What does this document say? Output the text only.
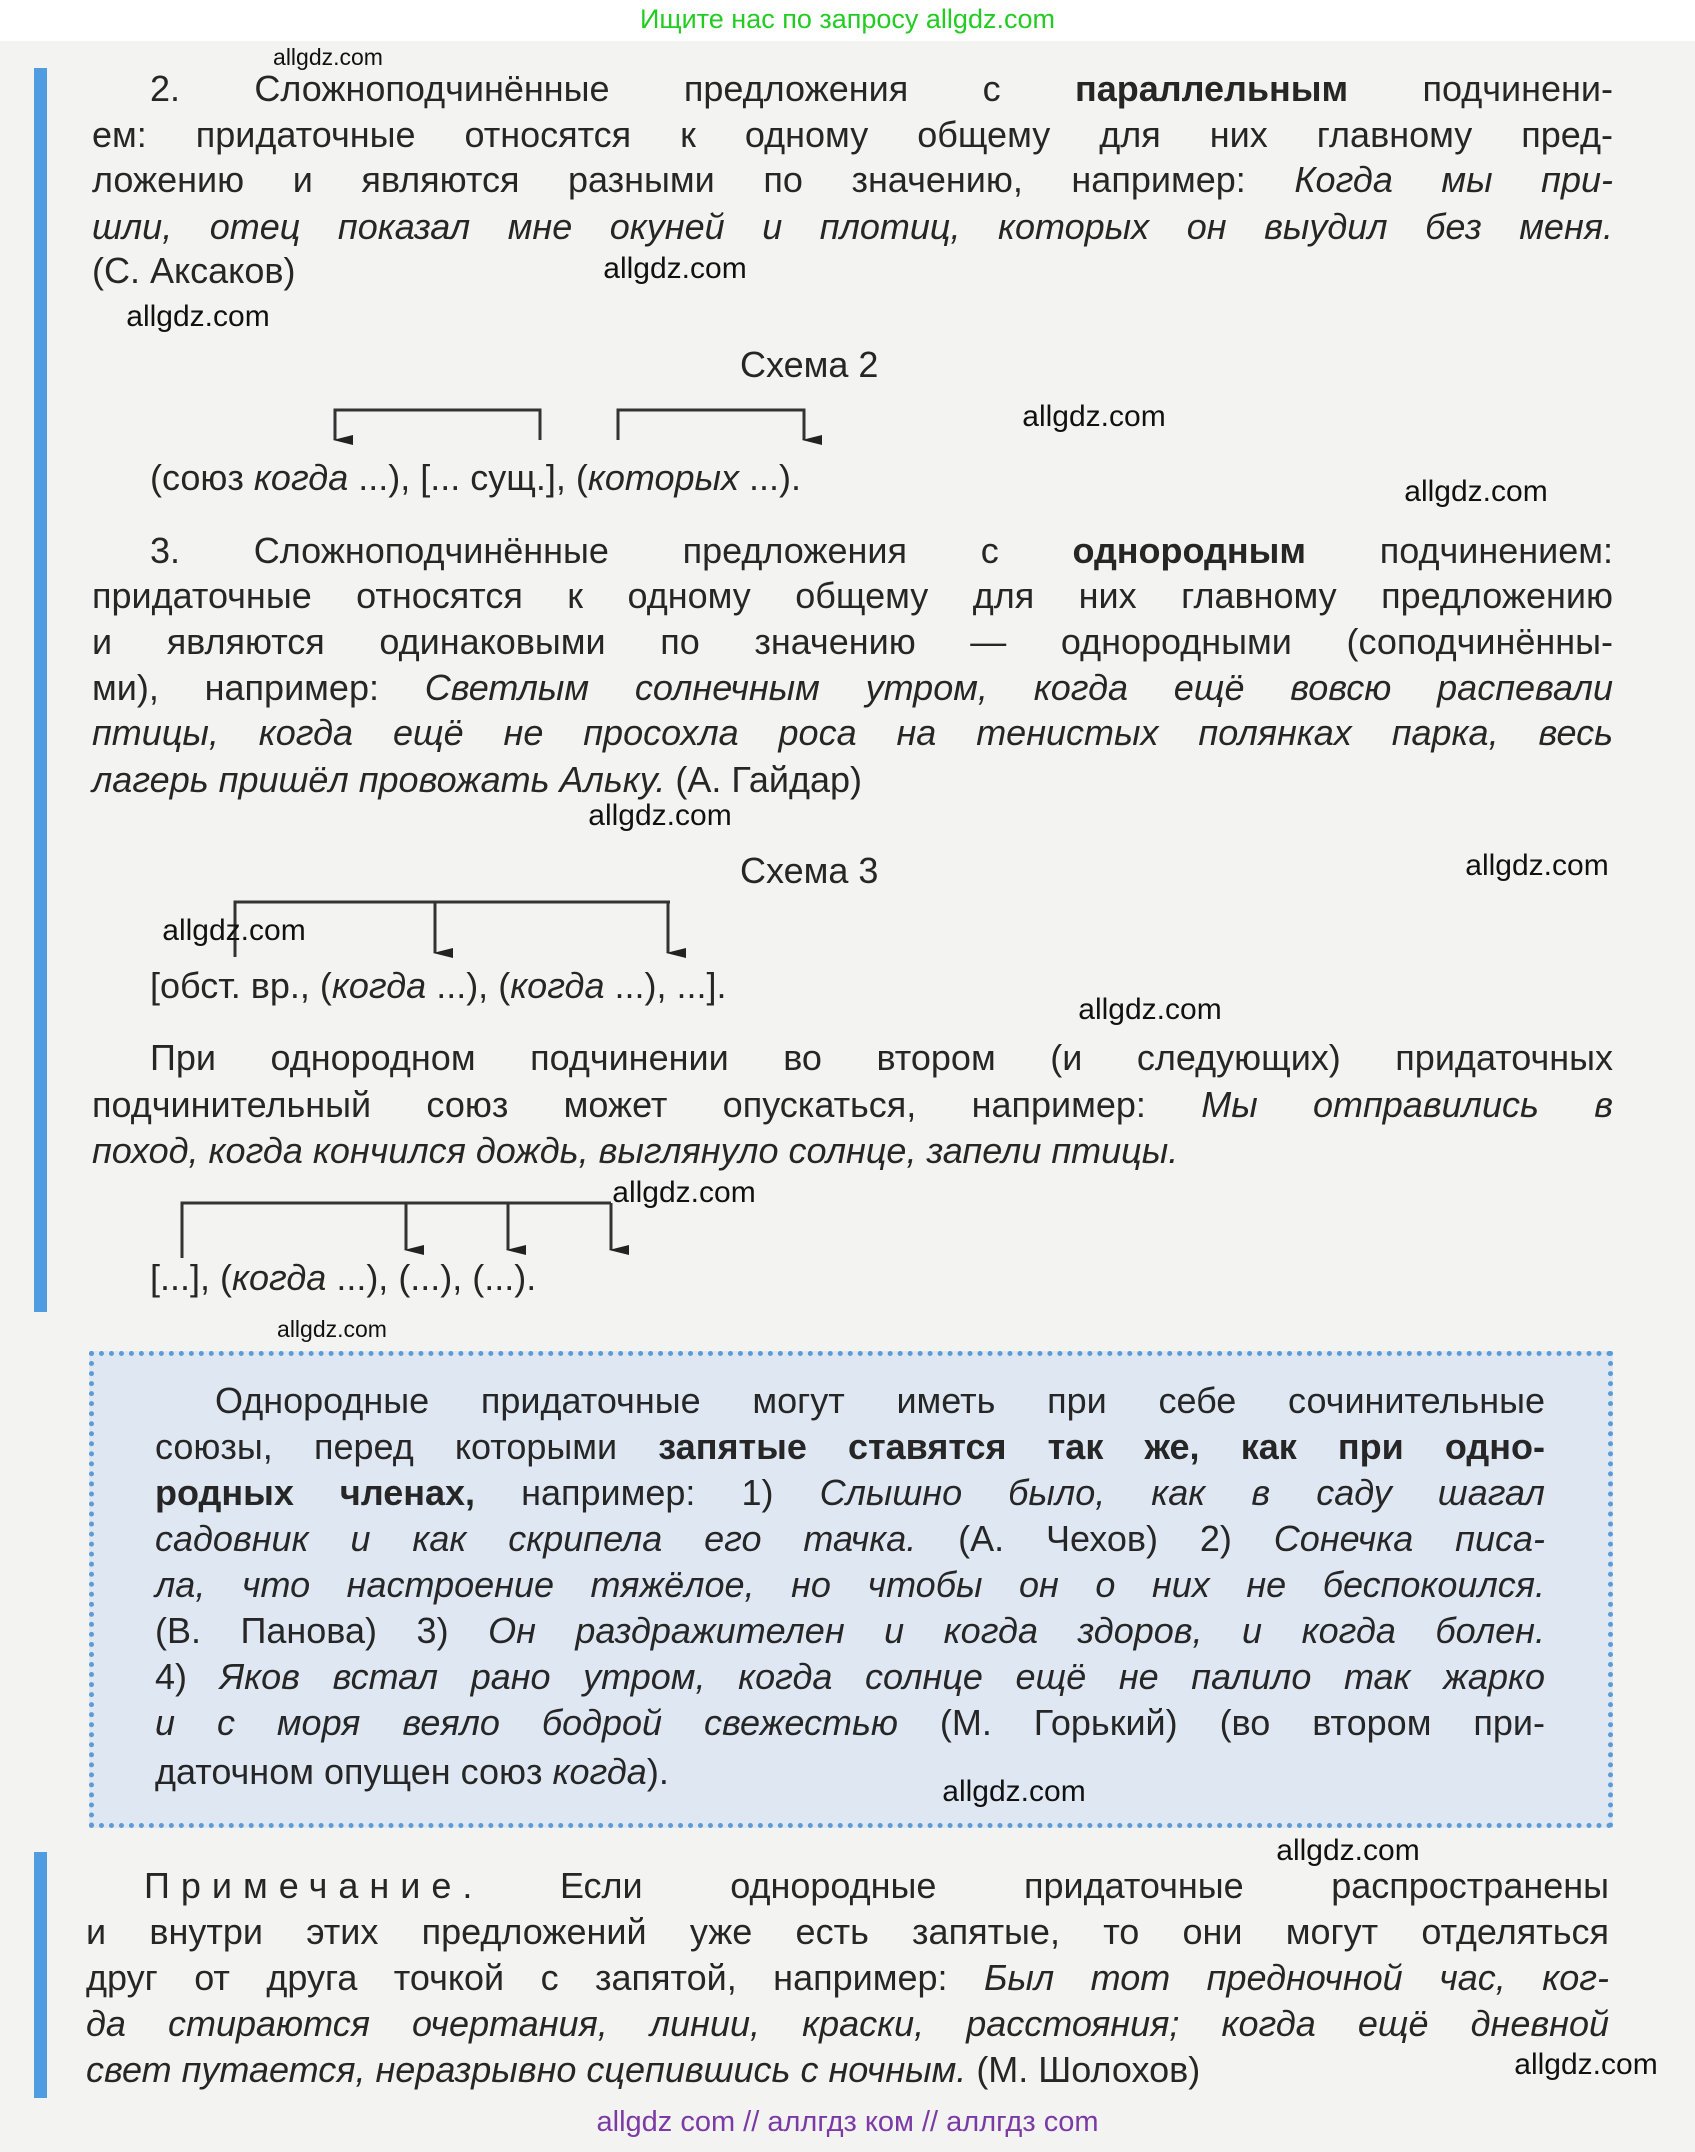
Ищите нас по запросу allgdz.com
Схема 2
Схема 3
2. Сложноподчинённые предложения с параллельным подчинени-
ем: придаточные относятся к одному общему для них главному пред-
ложению и являются разными по значению, например: Когда мы при-
шли, отец показал мне окуней и плотиц, которых он выудил без меня.
(С. Аксаков)
(союз когда ...), [... сущ.], (которых ...).
3. Сложноподчинённые предложения с однородным подчинением:
придаточные относятся к одному общему для них главному предложению
и являются одинаковыми по значению — однородными (соподчинённы-
ми), например: Светлым солнечным утром, когда ещё вовсю распевали
птицы, когда ещё не просохла роса на тенистых полянках парка, весь
лагерь пришёл провожать Альку. (А. Гайдар)
[обст. вр., (когда ...), (когда ...), ...].
При однородном подчинении во втором (и следующих) придаточных
подчинительный союз может опускаться, например: Мы отправились в
поход, когда кончился дождь, выглянуло солнце, запели птицы.
[...], (когда ...), (...), (...).
Однородные придаточные могут иметь при себе сочинительные
союзы, перед которыми запятые ставятся так же, как при одно-
родных членах, например: 1) Слышно было, как в саду шагал
садовник и как скрипела его тачка. (А. Чехов) 2) Сонечка писа-
ла, что настроение тяжёлое, но чтобы он о них не беспокоился.
(В. Панова) 3) Он раздражителен и когда здоров, и когда болен.
4) Яков встал рано утром, когда солнце ещё не палило так жарко
и с моря веяло бодрой свежестью (М. Горький) (во втором при-
даточном опущен союз когда).
Примечание. Если однородные придаточные распространены
и внутри этих предложений уже есть запятые, то они могут отделяться
друг от друга точкой с запятой, например: Был тот предночной час, ког-
да стираются очертания, линии, краски, расстояния; когда ещё дневной
свет путается, неразрывно сцепившись с ночным. (М. Шолохов)
allgdz.com
allgdz.com
allgdz.com
allgdz.com
allgdz.com
allgdz.com
allgdz.com
allgdz.com
allgdz.com
allgdz.com
allgdz.com
allgdz.com
allgdz.com
allgdz.com
allgdz com // аллгдз ком // аллгдз com
